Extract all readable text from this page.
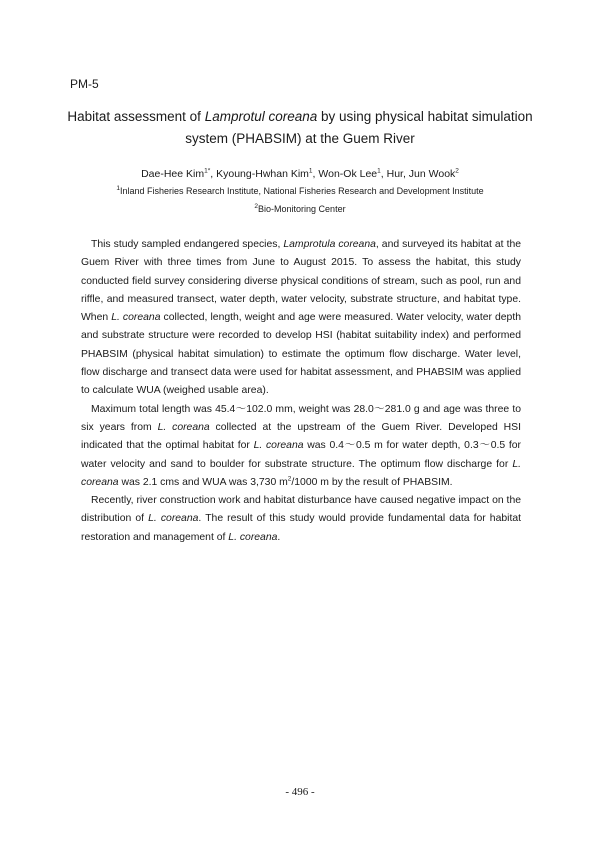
PM-5
Habitat assessment of Lamprotul coreana by using physical habitat simulation system (PHABSIM) at the Guem River
Dae-Hee Kim$^{1*}$, Kyoung-Hwhan Kim$^1$, Won-Ok Lee$^1$, Hur, Jun Wook$^2$
$^1$Inland Fisheries Research Institute, National Fisheries Research and Development Institute
$^2$Bio-Monitoring Center

This study sampled endangered species, Lamprotula coreana, and surveyed its habitat at the Guem River with three times from June to August 2015. To assess the habitat, this study conducted field survey considering diverse physical conditions of stream, such as pool, run and riffle, and measured transect, water depth, water velocity, substrate structure, and habitat type. When L. coreana collected, length, weight and age were measured. Water velocity, water depth and substrate structure were recorded to develop HSI (habitat suitability index) and performed PHABSIM (physical habitat simulation) to estimate the optimum flow discharge. Water level, flow discharge and transect data were used for habitat assessment, and PHABSIM was applied to calculate WUA (weighed usable area).

Maximum total length was 45.4～102.0 mm, weight was 28.0～281.0 g and age was three to six years from L. coreana collected at the upstream of the Guem River. Developed HSI indicated that the optimal habitat for L. coreana was 0.4～0.5 m for water depth, 0.3～0.5 for water velocity and sand to boulder for substrate structure. The optimum flow discharge for L. coreana was 2.1 cms and WUA was 3,730 $m^2/1000$ m by the result of PHABSIM.

Recently, river construction work and habitat disturbance have caused negative impact on the distribution of L. coreana. The result of this study would provide fundamental data for habitat restoration and management of L. coreana.

- 496 -
